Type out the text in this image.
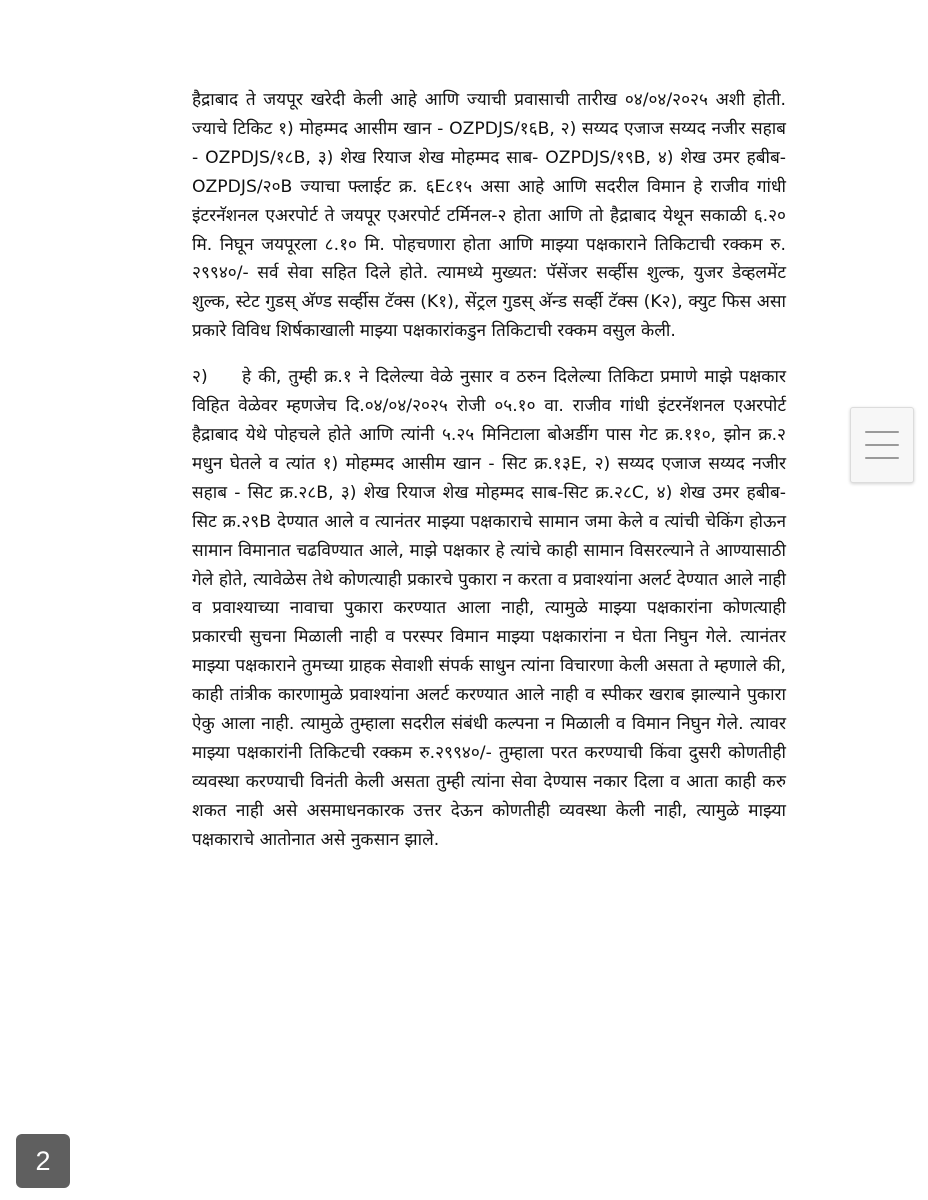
हैद्राबाद ते जयपूर खरेदी केली आहे आणि ज्याची प्रवासाची तारीख ०४/०४/२०२५ अशी होती. ज्याचे टिकिट १) मोहम्मद आसीम खान - OZPDJS/१६B, २) सय्यद एजाज सय्यद नजीर सहाब - OZPDJS/१८B, ३) शेख रियाज शेख मोहम्मद साब- OZPDJS/१९B, ४) शेख उमर हबीब- OZPDJS/२०B ज्याचा फ्लाईट क्र. ६E८१५ असा आहे आणि सदरील विमान हे राजीव गांधी इंटरनॅशनल एअरपोर्ट ते जयपूर एअरपोर्ट टर्मिनल-२ होता आणि तो हैद्राबाद येथून सकाळी ६.२० मि. निघून जयपूरला ८.१० मि. पोहचणारा होता आणि माझ्या पक्षकाराने तिकिटाची रक्कम रु. २९९४०/- सर्व सेवा सहित दिले होते. त्यामध्ये मुख्यत: पॅसेंजर सर्व्हीस शुल्क, युजर डेव्हलमेंट शुल्क, स्टेट गुडस् अ‍ॅण्ड सर्व्हीस टॅक्स (K१), सेंट्रल गुडस् अ‍ॅन्ड सर्व्ही टॅक्स (K२), क्युट फिस असा प्रकारे विविध शिर्षकाखाली माझ्या पक्षकारांकडुन तिकिटाची रक्कम वसुल केली.

२) हे की, तुम्ही क्र.१ ने दिलेल्या वेळे नुसार व ठरुन दिलेल्या तिकिटा प्रमाणे माझे पक्षकार विहित वेळेवर म्हणजेच दि.०४/०४/२०२५ रोजी ०५.१० वा. राजीव गांधी इंटरनॅशनल एअरपोर्ट हैद्राबाद येथे पोहचले होते आणि त्यांनी ५.२५ मिनिटाला बोअर्डीग पास गेट क्र.११०, झोन क्र.२ मधुन घेतले व त्यांत १) मोहम्मद आसीम खान - सिट क्र.१३E, २) सय्यद एजाज सय्यद नजीर सहाब - सिट क्र.२८B, ३) शेख रियाज शेख मोहम्मद साब-सिट क्र.२८C, ४) शेख उमर हबीब- सिट क्र.२९B देण्यात आले व त्यानंतर माझ्या पक्षकाराचे सामान जमा केले व त्यांची चेकिंग होऊन सामान विमानात चढविण्यात आले, माझे पक्षकार हे त्यांचे काही सामान विसरल्याने ते आण्यासाठी गेले होते, त्यावेळेस तेथे कोणत्याही प्रकारचे पुकारा न करता व प्रवाश्यांना अलर्ट देण्यात आले नाही व प्रवाश्याच्या नावाचा पुकारा करण्यात आला नाही, त्यामुळे माझ्या पक्षकारांना कोणत्याही प्रकारची सुचना मिळाली नाही व परस्पर विमान माझ्या पक्षकारांना न घेता निघुन गेले. त्यानंतर माझ्या पक्षकाराने तुमच्या ग्राहक सेवाशी संपर्क साधुन त्यांना विचारणा केली असता ते म्हणाले की, काही तांत्रीक कारणामुळे प्रवाश्यांना अलर्ट करण्यात आले नाही व स्पीकर खराब झाल्याने पुकारा ऐकु आला नाही. त्यामुळे तुम्हाला सदरील संबंधी कल्पना न मिळाली व विमान निघुन गेले. त्यावर माझ्या पक्षकारांनी तिकिटची रक्कम रु.२९९४०/- तुम्हाला परत करण्याची किंवा दुसरी कोणतीही व्यवस्था करण्याची विनंती केली असता तुम्ही त्यांना सेवा देण्यास नकार दिला व आता काही करु शकत नाही असे असमाधनकारक उत्तर देऊन कोणतीही व्यवस्था केली नाही, त्यामुळे माझ्या पक्षकाराचे आतोनात असे नुकसान झाले.

2
